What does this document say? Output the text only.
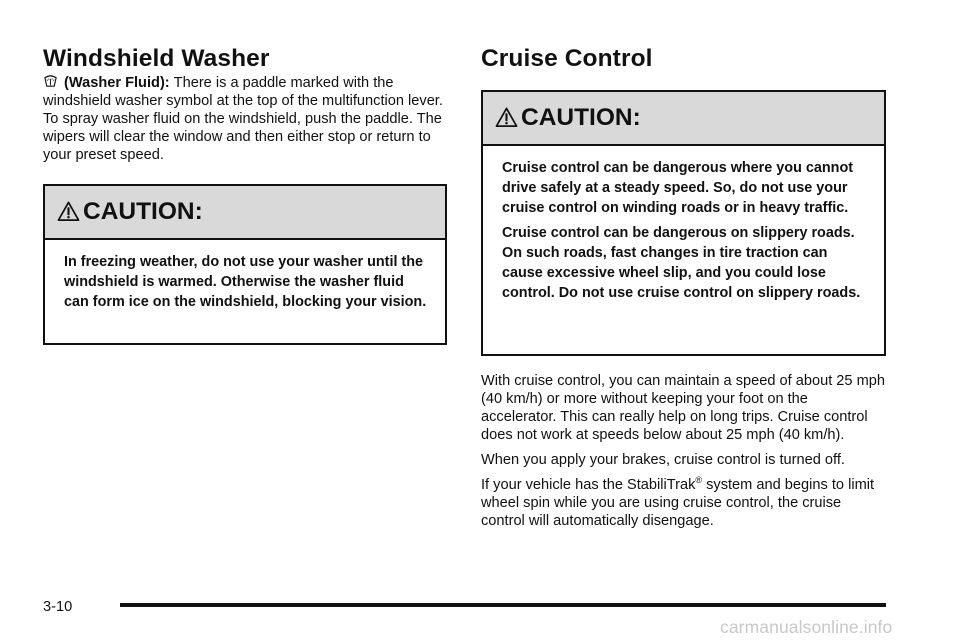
Windshield Washer

(Washer Fluid): There is a paddle marked with the windshield washer symbol at the top of the multifunction lever. To spray washer fluid on the windshield, push the paddle. The wipers will clear the window and then either stop or return to your preset speed.

CAUTION:

In freezing weather, do not use your washer until the windshield is warmed. Otherwise the washer fluid can form ice on the windshield, blocking your vision.

Cruise Control
CAUTION:

Cruise control can be dangerous where you cannot drive safely at a steady speed. So, do not use your cruise control on winding roads or in heavy traffic.

Cruise control can be dangerous on slippery roads. On such roads, fast changes in tire traction can cause excessive wheel slip, and you could lose control. Do not use cruise control on slippery roads.

With cruise control, you can maintain a speed of about 25 mph (40 km/h) or more without keeping your foot on the accelerator. This can really help on long trips. Cruise control does not work at speeds below about 25 mph (40 km/h).

When you apply your brakes, cruise control is turned off.

If your vehicle has the StabiliTrak® system and begins to limit wheel spin while you are using cruise control, the cruise control will automatically disengage.

3-10
carmanualsonline.info
